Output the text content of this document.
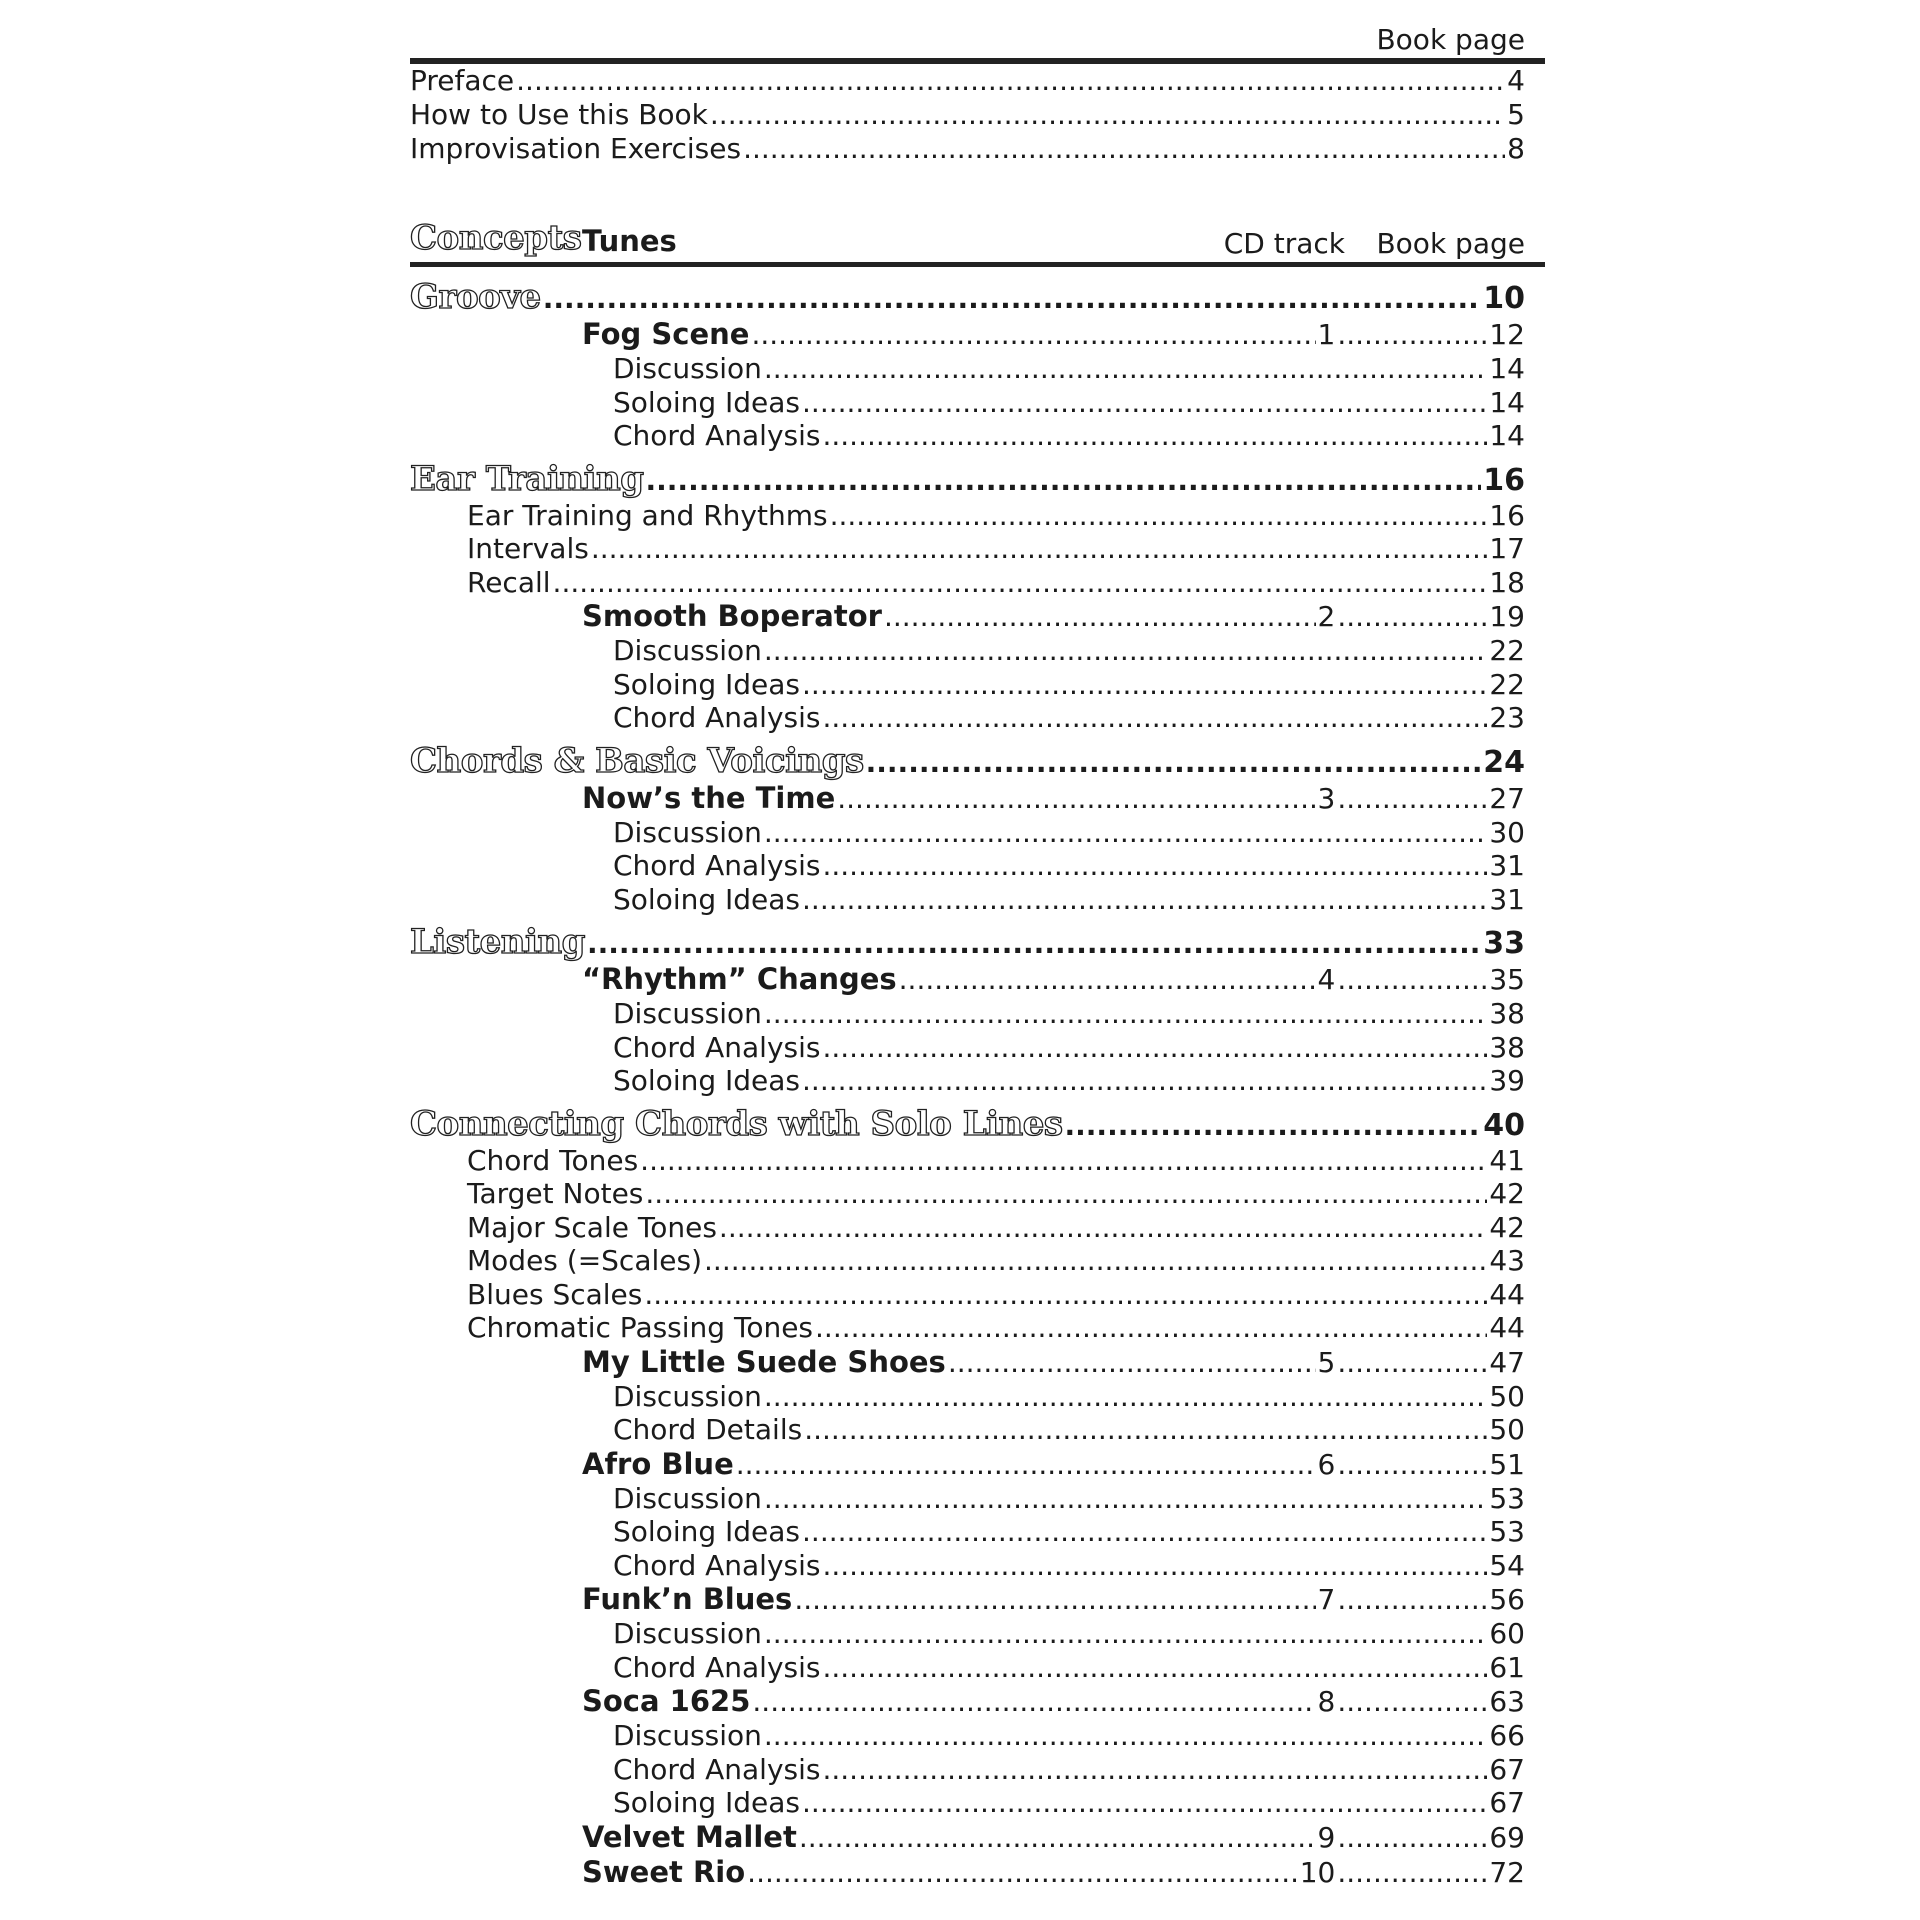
Book page
Preface .....	4
How to Use this Book .....	5
Improvisation Exercises .....	8
Concepts Tunes	CD track Book page
Groove .....	10
Fog Scene .....	1 .....	12
Discussion .....	14
Soloing Ideas .....	14
Chord Analysis .....	14
Ear Training .....	16
Ear Training and Rhythms .....	16
Intervals .....	17
Recall .....	18
Smooth Boperator .....	2 .....	19
Discussion .....	22
Soloing Ideas .....	22
Chord Analysis .....	23
Chords & Basic Voicings .....	24
Now’s the Time .....	3 .....	27
Discussion .....	30
Chord Analysis .....	31
Soloing Ideas .....	31
Listening .....	33
“Rhythm” Changes .....	4 .....	35
Discussion .....	38
Chord Analysis .....	38
Soloing Ideas .....	39
Connecting Chords with Solo Lines .....	40
Chord Tones .....	41
Target Notes .....	42
Major Scale Tones .....	42
Modes (=Scales) .....	43
Blues Scales .....	44
Chromatic Passing Tones .....	44
My Little Suede Shoes .....	5 .....	47
Discussion .....	50
Chord Details .....	50
Afro Blue .....	6 .....	51
Discussion .....	53
Soloing Ideas .....	53
Chord Analysis .....	54
Funk’n Blues .....	7 .....	56
Discussion .....	60
Chord Analysis .....	61
Soca 1625 .....	8 .....	63
Discussion .....	66
Chord Analysis .....	67
Soloing Ideas .....	67
Velvet Mallet .....	9 .....	69
Sweet Rio .....	10 .....	72
